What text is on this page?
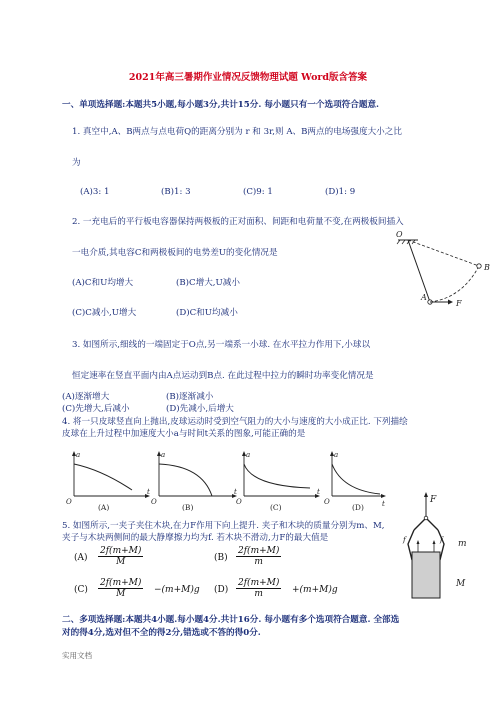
2021年高三暑期作业情况反馈物理试题 Word版含答案
一、单项选择题:本题共5小题,每小题3分,共计15分. 每小题只有一个选项符合题意.
1. 真空中,A、B两点与点电荷Q的距离分别为 r 和 3r,则 A、B两点的电场强度大小之比
为
(A)3: 1	(B)1: 3	(C)9: 1	(D)1: 9
2. 一充电后的平行板电容器保持两极板的正对面积、间距和电荷量不变,在两极板间插入
一电介质,其电容C和两极板间的电势差U的变化情况是
(A)C和U均增大	(B)C增大,U减小
(C)C减小,U增大	(D)C和U均减小
O
A
B
F
3. 如图所示,细线的一端固定于O点,另一端系一小球. 在水平拉力作用下,小球以
恒定速率在竖直平面内由A点运动到B点. 在此过程中拉力的瞬时功率变化情况是
(A)逐渐增大	(B)逐渐减小
(C)先增大,后减小	(D)先减小,后增大
4. 将一只皮球竖直向上抛出,皮球运动时受到空气阻力的大小与速度的大小成正比. 下列描绘
皮球在上升过程中加速度大小a与时间t关系的图象,可能正确的是
a
t
O
(A)
a
t
O
(B)
a
t
O
(C)
a
t
O
(D)
F
f	f m
M
5. 如图所示,一夹子夹住木块,在力F作用下向上提升. 夹子和木块的质量分别为m、M,
夹子与木块两侧间的最大静摩擦力均为f. 若木块不滑动,力F的最大值是
$(A) \frac{2f(m+M)}{M}$	$(B) \frac{2f(m+M)}{m}$
$(C) \frac{2f(m+M)}{M} -(m+M)g$ $(D) \frac{2f(m+M)}{m} +(m+M)g$
二、多项选择题:本题共4小题.每小题4分.共计16分. 每小题有多个选项符合题意. 全部选
对的得4分,选对但不全的得2分,错选或不答的得0分.
实用文档
